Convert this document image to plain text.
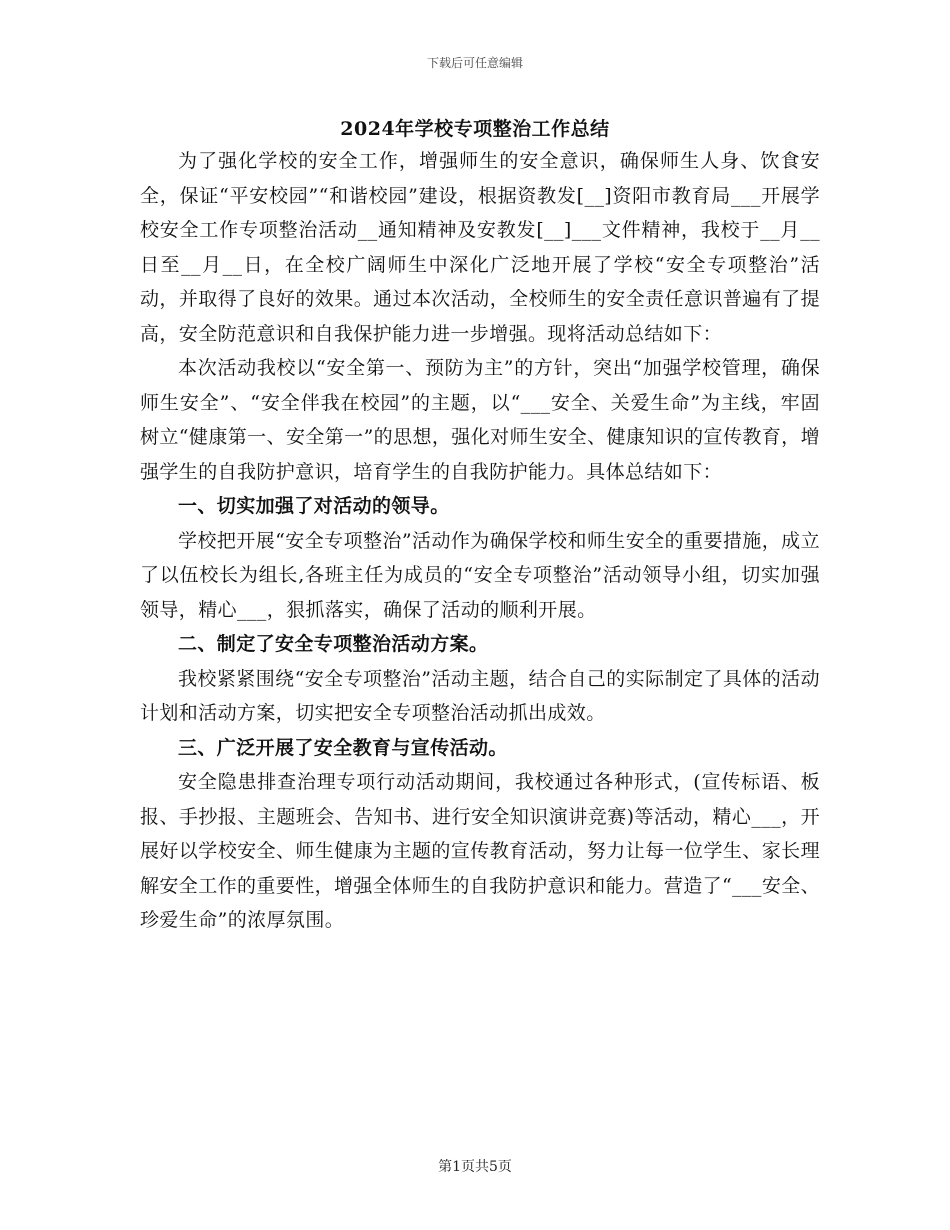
下载后可任意编辑
2024年学校专项整治工作总结

为了强化学校的安全工作，增强师生的安全意识，确保师生人身、饮食安全，保证“平安校园”“和谐校园”建设，根据资教发[__]资阳市教育局___开展学校安全工作专项整治活动__通知精神及安教发[__]___文件精神，我校于__月__日至__月__日，在全校广阔师生中深化广泛地开展了学校“安全专项整治”活动，并取得了良好的效果。通过本次活动，全校师生的安全责任意识普遍有了提高，安全防范意识和自我保护能力进一步增强。现将活动总结如下：

本次活动我校以“安全第一、预防为主”的方针，突出“加强学校管理，确保师生安全”、“安全伴我在校园”的主题，以“___安全、关爱生命”为主线，牢固树立“健康第一、安全第一”的思想，强化对师生安全、健康知识的宣传教育，增强学生的自我防护意识，培育学生的自我防护能力。具体总结如下：

一、切实加强了对活动的领导。

学校把开展“安全专项整治”活动作为确保学校和师生安全的重要措施，成立了以伍校长为组长,各班主任为成员的“安全专项整治”活动领导小组，切实加强领导，精心___，狠抓落实，确保了活动的顺利开展。

二、制定了安全专项整治活动方案。

我校紧紧围绕“安全专项整治”活动主题，结合自己的实际制定了具体的活动计划和活动方案，切实把安全专项整治活动抓出成效。

三、广泛开展了安全教育与宣传活动。

安全隐患排查治理专项行动活动期间，我校通过各种形式，(宣传标语、板报、手抄报、主题班会、告知书、进行安全知识演讲竞赛)等活动，精心___，开展好以学校安全、师生健康为主题的宣传教育活动，努力让每一位学生、家长理解安全工作的重要性，增强全体师生的自我防护意识和能力。营造了“___安全、珍爱生命”的浓厚氛围。

第1页共5页
